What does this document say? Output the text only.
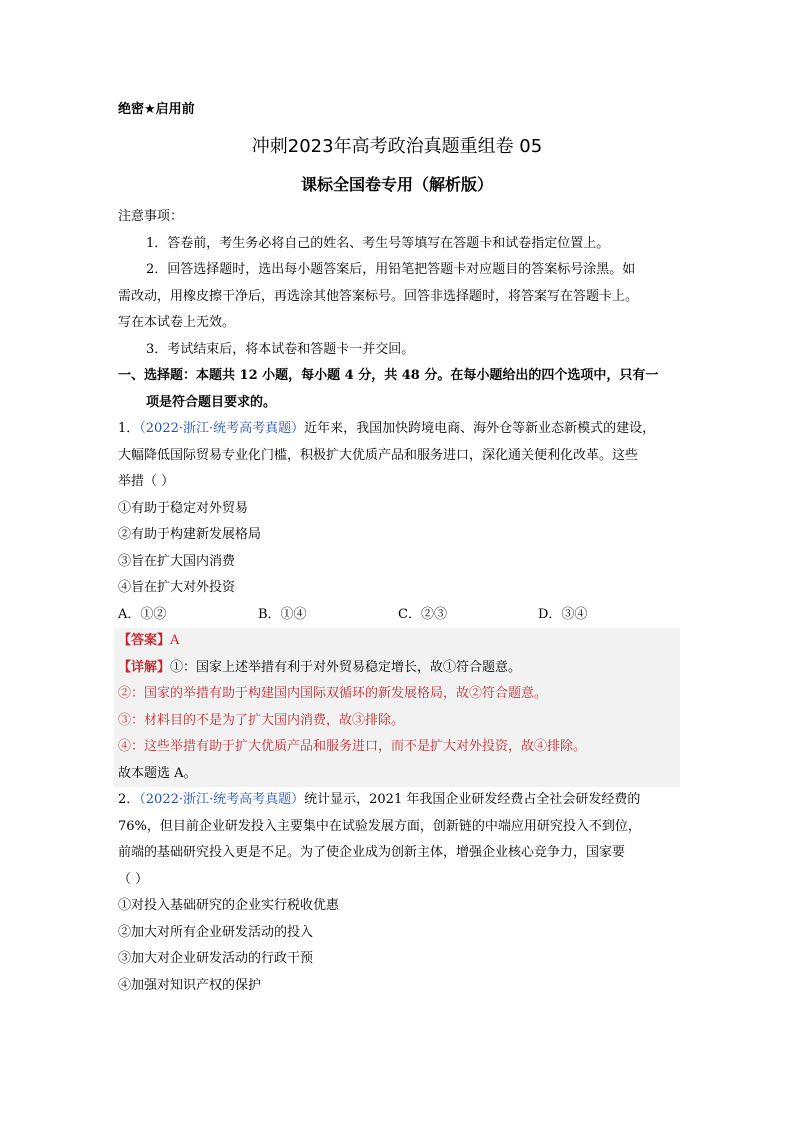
绝密★启用前
冲刺2023年高考政治真题重组卷 05
课标全国卷专用（解析版）
注意事项：
1．答卷前，考生务必将自己的姓名、考生号等填写在答题卡和试卷指定位置上。
2．回答选择题时，选出每小题答案后，用铅笔把答题卡对应题目的答案标号涂黑。如
需改动，用橡皮擦干净后，再选涂其他答案标号。回答非选择题时，将答案写在答题卡上。
写在本试卷上无效。
3．考试结束后，将本试卷和答题卡一并交回。
一、选择题：本题共 12 小题，每小题 4 分，共 48 分。在每小题给出的四个选项中，只有一
项是符合题目要求的。
1．（2022·浙江·统考高考真题）近年来，我国加快跨境电商、海外仓等新业态新模式的建设，
大幅降低国际贸易专业化门槛，积极扩大优质产品和服务进口，深化通关便利化改革。这些
举措（ ）
①有助于稳定对外贸易
②有助于构建新发展格局
③旨在扩大国内消费
④旨在扩大对外投资
A．①②	B．①④	C．②③	D．③④
【答案】A
【详解】①：国家上述举措有利于对外贸易稳定增长，故①符合题意。
②：国家的举措有助于构建国内国际双循环的新发展格局，故②符合题意。
③：材料目的不是为了扩大国内消费，故③排除。
④：这些举措有助于扩大优质产品和服务进口，而不是扩大对外投资，故④排除。
故本题选 A。
2．（2022·浙江·统考高考真题）统计显示，2021 年我国企业研发经费占全社会研发经费的
76%，但目前企业研发投入主要集中在试验发展方面，创新链的中端应用研究投入不到位，
前端的基础研究投入更是不足。为了使企业成为创新主体，增强企业核心竞争力，国家要
（ ）
①对投入基础研究的企业实行税收优惠
②加大对所有企业研发活动的投入
③加大对企业研发活动的行政干预
④加强对知识产权的保护
